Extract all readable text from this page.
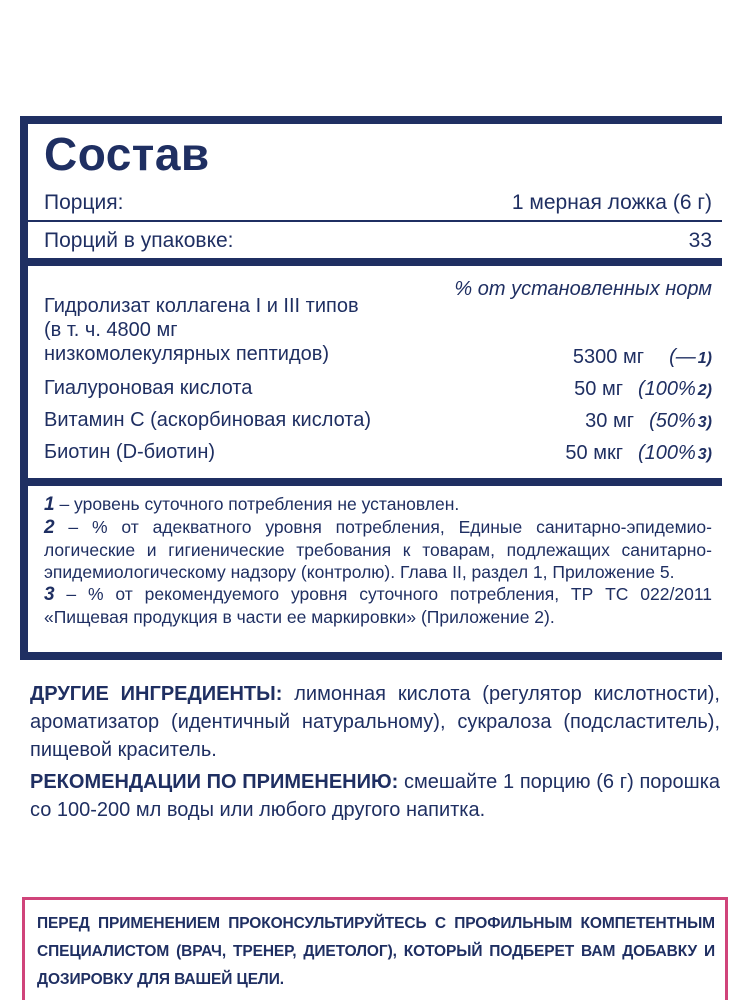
Состав
Порция:	1 мерная ложка (6 г)
Порций в упаковке:	33
% от установленных норм
Гидролизат коллагена I и III типов
(в т. ч. 4800 мг
низкомолекулярных пептидов)	5300 мг (— 1)
Гиалуроновая кислота	50 мг (100% 2)
Витамин С (аскорбиновая кислота)	30 мг (50% 3)
Биотин (D-биотин)	50 мкг (100% 3)
1 – уровень суточного потребления не установлен.
2 – % от адекватного уровня потребления, Единые санитарно-эпидемио-логические и гигиенические требования к товарам, подлежащих санитарно-эпидемиологическому надзору (контролю). Глава II, раздел 1, Приложение 5.
3 – % от рекомендуемого уровня суточного потребления, ТР ТС 022/2011 «Пищевая продукция в части ее маркировки» (Приложение 2).
ДРУГИЕ ИНГРЕДИЕНТЫ: лимонная кислота (регулятор кислотности), ароматизатор (идентичный натуральному), сукралоза (подсластитель), пищевой краситель.
РЕКОМЕНДАЦИИ ПО ПРИМЕНЕНИЮ: смешайте 1 порцию (6 г) порошка со 100-200 мл воды или любого другого напитка.
ПЕРЕД ПРИМЕНЕНИЕМ ПРОКОНСУЛЬТИРУЙТЕСЬ С ПРОФИЛЬНЫМ КОМПЕТЕНТНЫМ СПЕЦИАЛИСТОМ (ВРАЧ, ТРЕНЕР, ДИЕТОЛОГ), КОТОРЫЙ ПОДБЕРЕТ ВАМ ДОБАВКУ И ДОЗИРОВКУ ДЛЯ ВАШЕЙ ЦЕЛИ.
